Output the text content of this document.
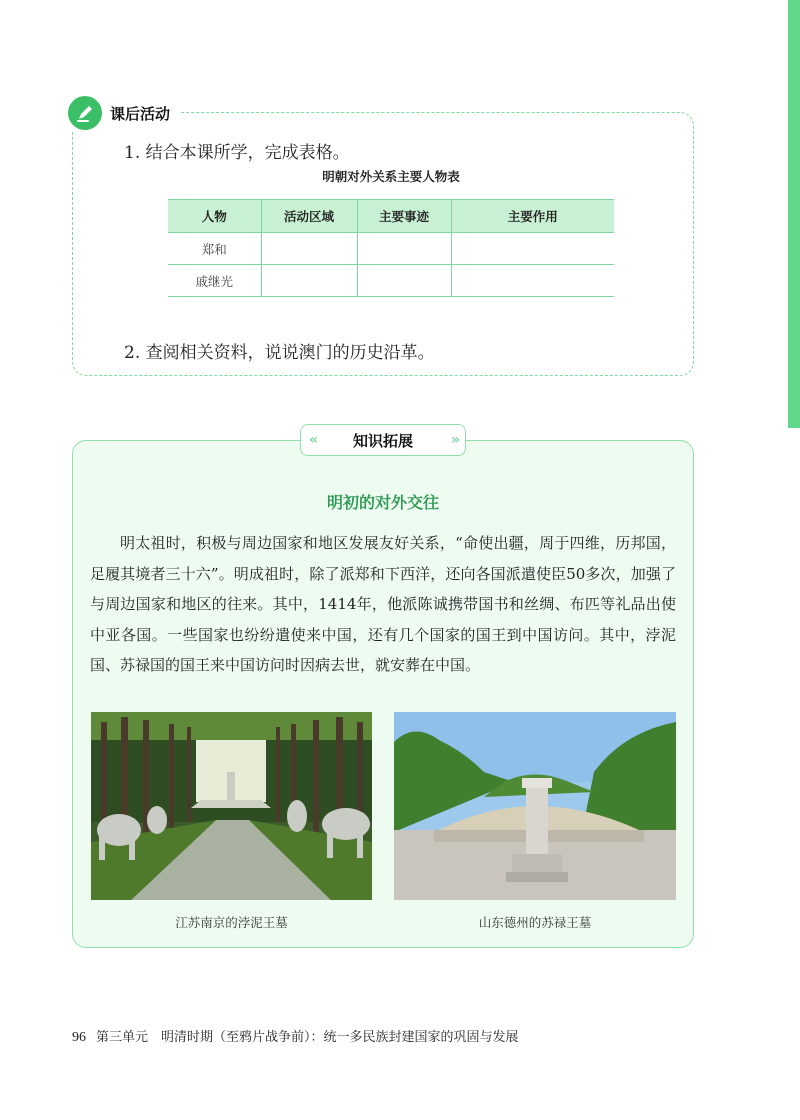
课后活动
1. 结合本课所学，完成表格。
明朝对外关系主要人物表
人物	活动区域	主要事迹	主要作用
郑和			
戚继光			
2. 查阅相关资料，说说澳门的历史沿革。
«	知识拓展	»
明初的对外交往

明太祖时，积极与周边国家和地区发展友好关系，“命使出疆，周于四维，历邦国，足履其境者三十六”。明成祖时，除了派郑和下西洋，还向各国派遣使臣50多次，加强了与周边国家和地区的往来。其中，1414年，他派陈诚携带国书和丝绸、布匹等礼品出使中亚各国。一些国家也纷纷遣使来中国，还有几个国家的国王到中国访问。其中，浡泥国、苏禄国的国王来中国访问时因病去世，就安葬在中国。

江苏南京的浡泥王墓	山东德州的苏禄王墓
96 第三单元　明清时期（至鸦片战争前）：统一多民族封建国家的巩固与发展
